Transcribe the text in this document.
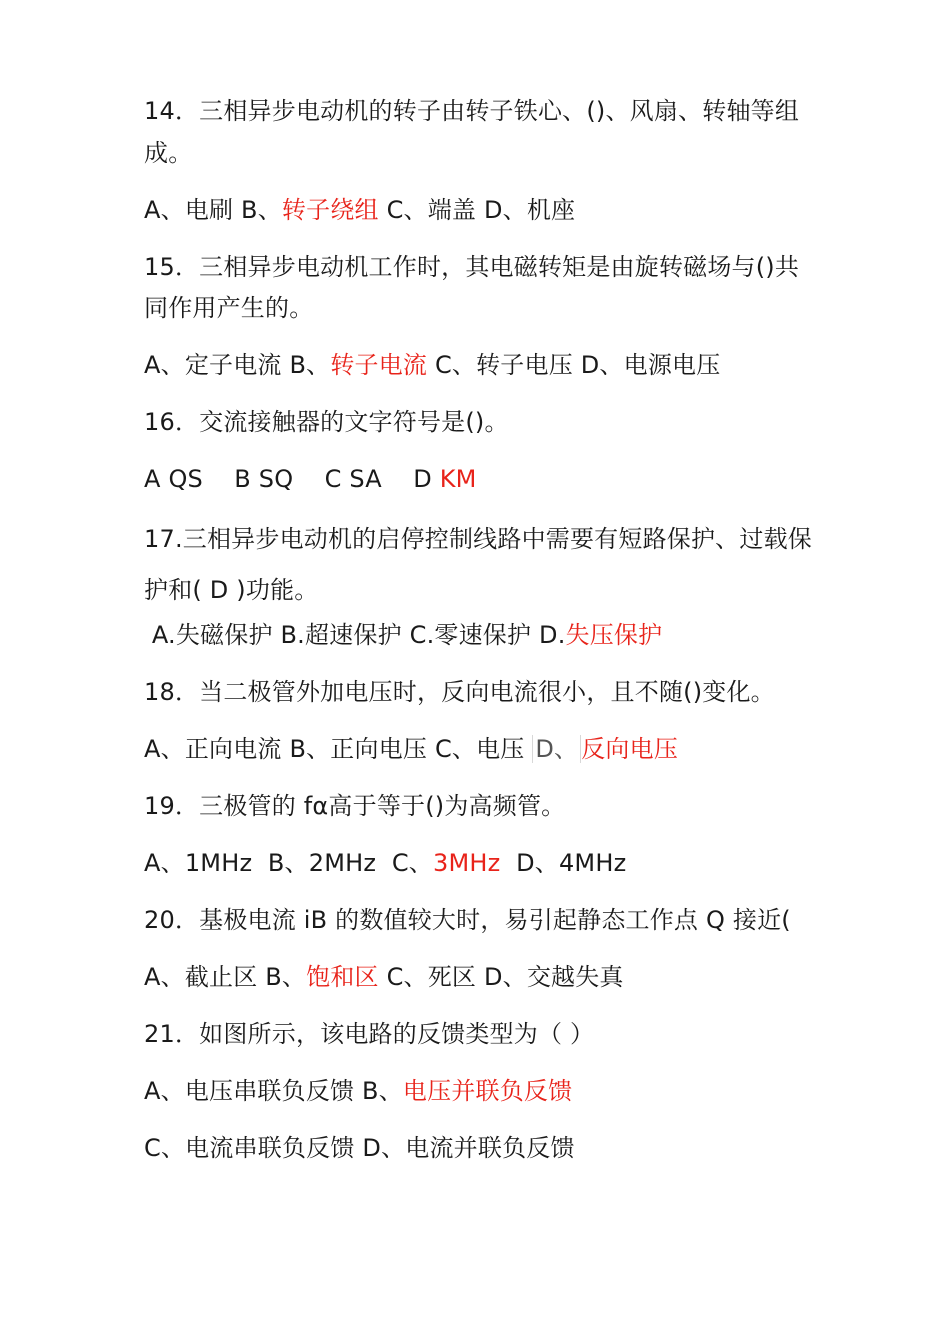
14．三相异步电动机的转子由转子铁心、()、风扇、转轴等组
成。
A、电刷 B、转子绕组 C、端盖 D、机座
15．三相异步电动机工作时，其电磁转矩是由旋转磁场与()共
同作用产生的。
A、定子电流 B、转子电流 C、转子电压 D、电源电压
16．交流接触器的文字符号是()。
A QS    B SQ    C SA    D KM
17.三相异步电动机的启停控制线路中需要有短路保护、过载保
护和( D )功能。
A.失磁保护 B.超速保护 C.零速保护 D.失压保护
18．当二极管外加电压时，反向电流很小，且不随()变化。
A、正向电流 B、正向电压 C、电压 D、 反向电压
19．三极管的 fα高于等于()为高频管。
A、1MHz  B、2MHz  C、3MHz  D、4MHz
20．基极电流 iB 的数值较大时，易引起静态工作点 Q 接近(
A、截止区 B、饱和区 C、死区 D、交越失真
21．如图所示，该电路的反馈类型为（ ）
A、电压串联负反馈 B、电压并联负反馈
C、电流串联负反馈 D、电流并联负反馈
